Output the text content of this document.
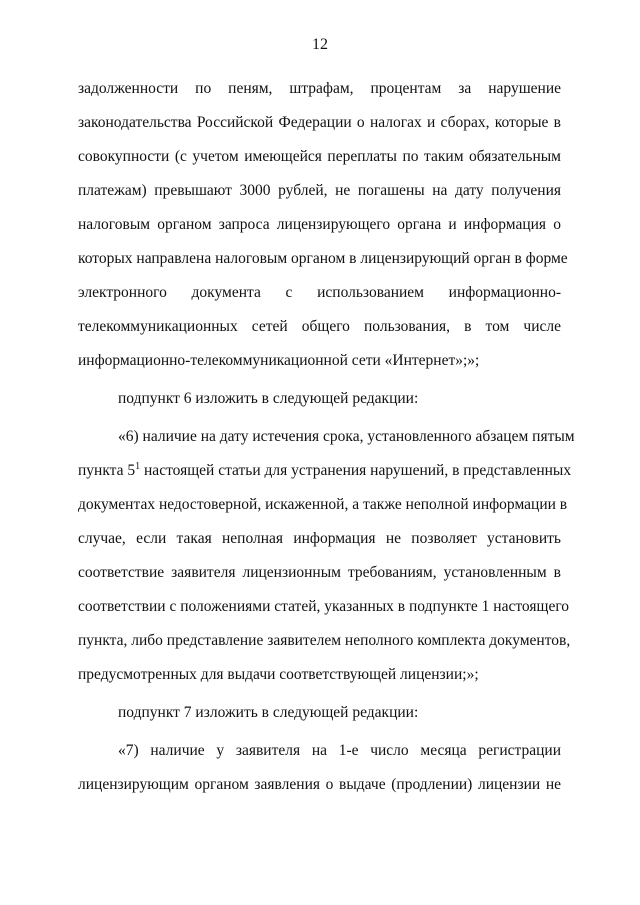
12
задолженности по пеням, штрафам, процентам за нарушение
законодательства Российской Федерации о налогах и сборах, которые в
совокупности (с учетом имеющейся переплаты по таким обязательным
платежам) превышают 3000 рублей, не погашены на дату получения
налоговым органом запроса лицензирующего органа и информация о
которых направлена налоговым органом в лицензирующий орган в форме
электронного документа с использованием информационно-
телекоммуникационных сетей общего пользования, в том числе
информационно-телекоммуникационной сети «Интернет»;»;
подпункт 6 изложить в следующей редакции:
«6) наличие на дату истечения срока, установленного абзацем пятым
пункта $5^1$ настоящей статьи для устранения нарушений, в представленных
документах недостоверной, искаженной, а также неполной информации в
случае, если такая неполная информация не позволяет установить
соответствие заявителя лицензионным требованиям, установленным в
соответствии с положениями статей, указанных в подпункте 1 настоящего
пункта, либо представление заявителем неполного комплекта документов,
предусмотренных для выдачи соответствующей лицензии;»;
подпункт 7 изложить в следующей редакции:
«7) наличие у заявителя на 1-е число месяца регистрации
лицензирующим органом заявления о выдаче (продлении) лицензии не
